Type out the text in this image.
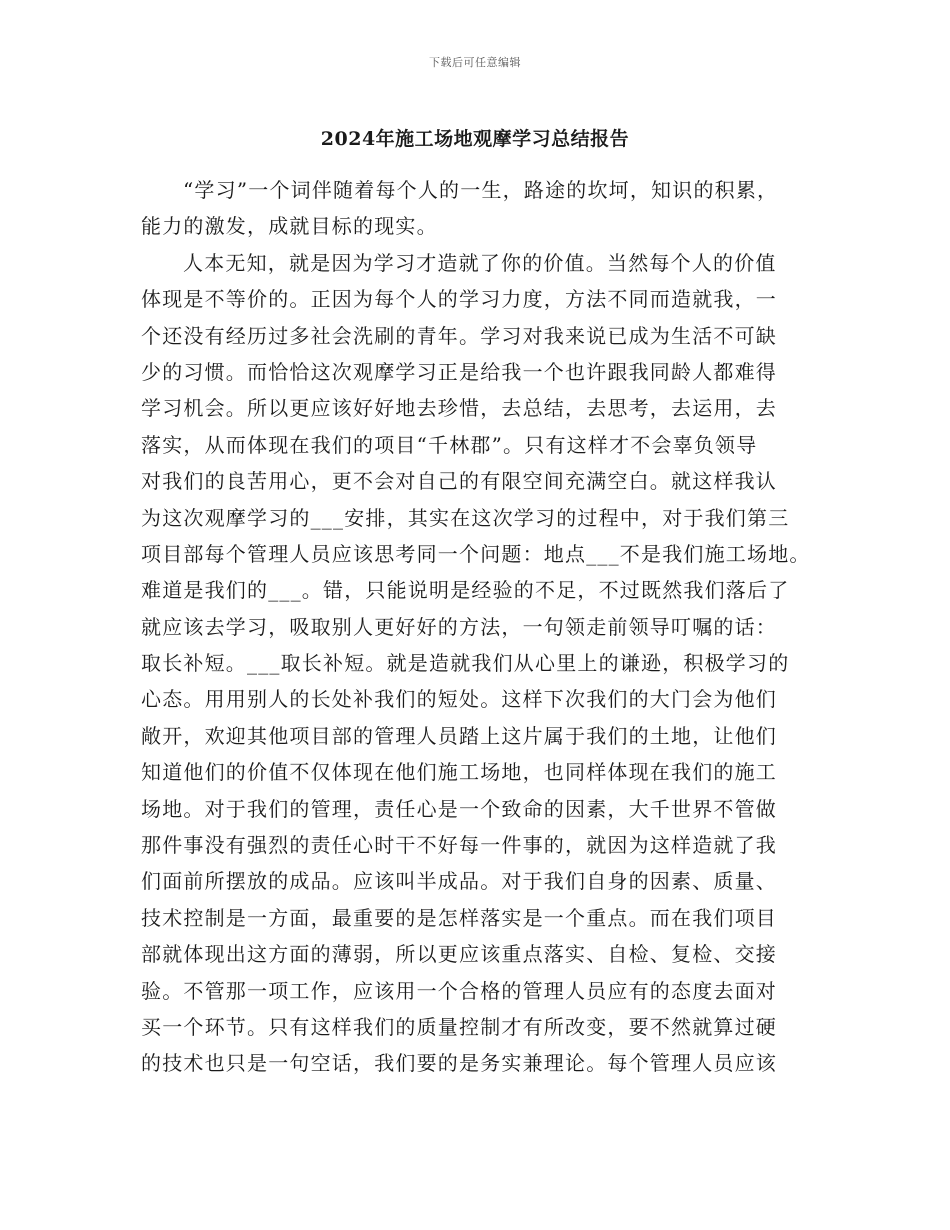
下载后可任意编辑
2024年施工场地观摩学习总结报告
“学习”一个词伴随着每个人的一生，路途的坎坷，知识的积累，
能力的激发，成就目标的现实。
人本无知，就是因为学习才造就了你的价值。当然每个人的价值
体现是不等价的。正因为每个人的学习力度，方法不同而造就我，一
个还没有经历过多社会洗刷的青年。学习对我来说已成为生活不可缺
少的习惯。而恰恰这次观摩学习正是给我一个也许跟我同龄人都难得
学习机会。所以更应该好好地去珍惜，去总结，去思考，去运用，去
落实，从而体现在我们的项目“千林郡”。只有这样才不会辜负领导
对我们的良苦用心，更不会对自己的有限空间充满空白。就这样我认
为这次观摩学习的___安排，其实在这次学习的过程中，对于我们第三
项目部每个管理人员应该思考同一个问题：地点___不是我们施工场地。
难道是我们的___。错，只能说明是经验的不足，不过既然我们落后了
就应该去学习，吸取别人更好好的方法，一句领走前领导叮嘱的话：
取长补短。___取长补短。就是造就我们从心里上的谦逊，积极学习的
心态。用用别人的长处补我们的短处。这样下次我们的大门会为他们
敞开，欢迎其他项目部的管理人员踏上这片属于我们的土地，让他们
知道他们的价值不仅体现在他们施工场地，也同样体现在我们的施工
场地。对于我们的管理，责任心是一个致命的因素，大千世界不管做
那件事没有强烈的责任心时干不好每一件事的，就因为这样造就了我
们面前所摆放的成品。应该叫半成品。对于我们自身的因素、质量、
技术控制是一方面，最重要的是怎样落实是一个重点。而在我们项目
部就体现出这方面的薄弱，所以更应该重点落实、自检、复检、交接
验。不管那一项工作，应该用一个合格的管理人员应有的态度去面对
买一个环节。只有这样我们的质量控制才有所改变，要不然就算过硬
的技术也只是一句空话，我们要的是务实兼理论。每个管理人员应该
